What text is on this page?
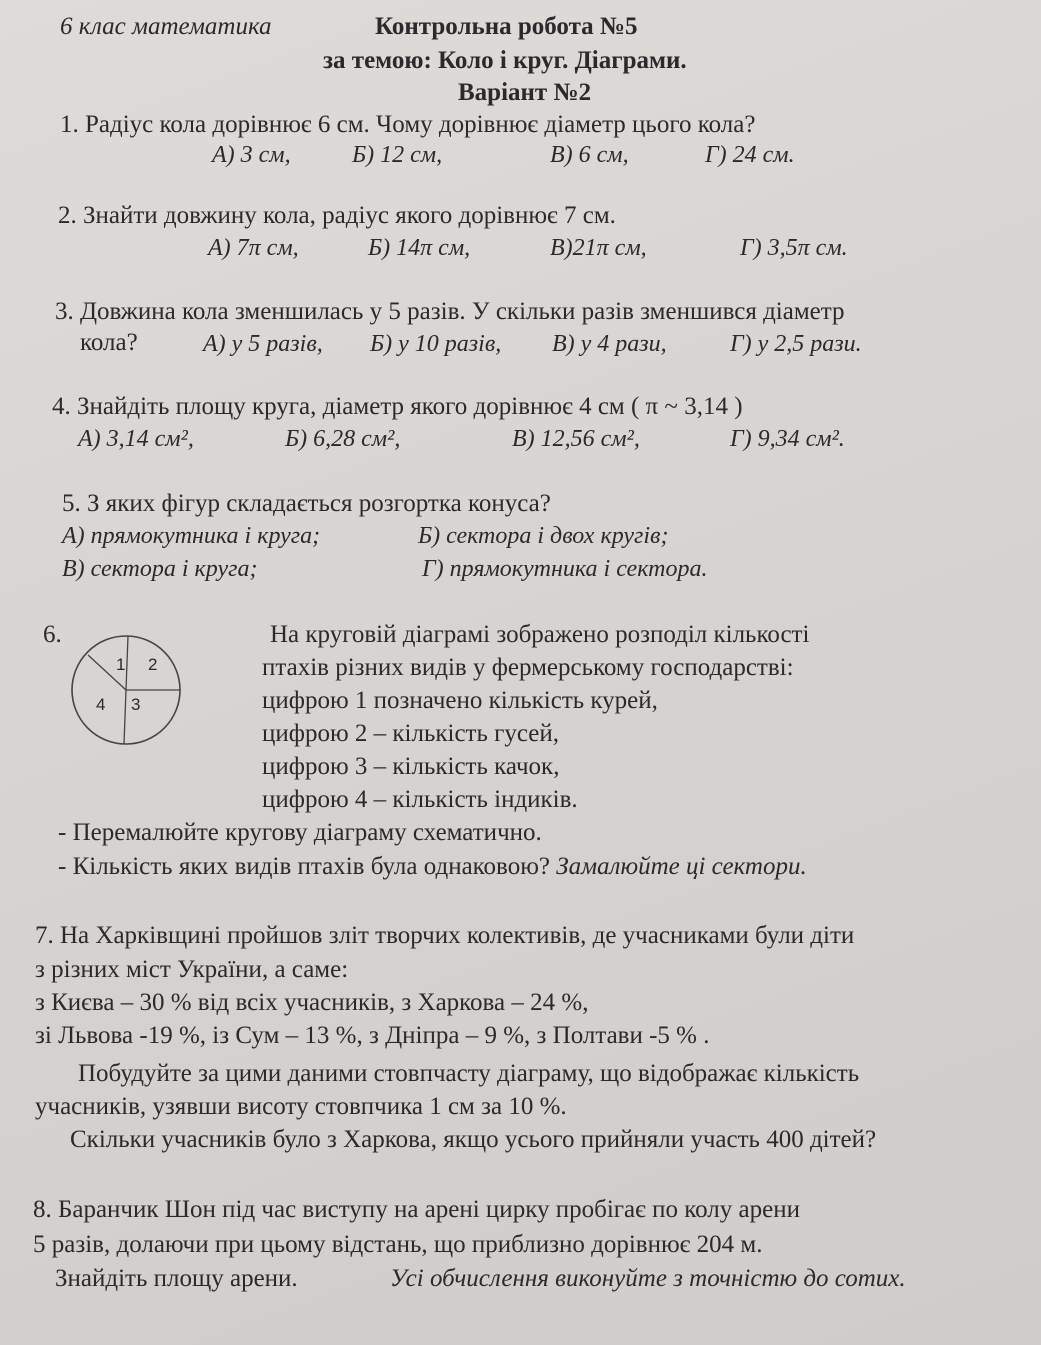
6 клас математика	Контрольна робота №5
за темою: Коло і круг. Діаграми.
Варіант №2
1. Радіус кола дорівнює 6 см. Чому дорівнює діаметр цього кола?
А) 3 см,	Б) 12 см,	В) 6 см,	Г) 24 см.
2. Знайти довжину кола, радіус якого дорівнює 7 см.
А) 7π см,	Б) 14π см,	В)21π см,	Г) 3,5π см.
3. Довжина кола зменшилась у 5 разів. У скільки разів зменшився діаметр
кола?	А) у 5 разів, Б) у 10 разів, В) у 4 рази,	Г) у 2,5 рази.
4. Знайдіть площу круга, діаметр якого дорівнює 4 см ( π ~ 3,14 )
А) 3,14 см²,	Б) 6,28 см²,	В) 12,56 см²,	Г) 9,34 см².
5. З яких фігур складається розгортка конуса?
А) прямокутника і круга;	Б) сектора і двох кругів;
В) сектора і круга;	Г) прямокутника і сектора.
6.
1 2
3
4
На круговій діаграмі зображено розподіл кількості
птахів різних видів у фермерському господарстві:
цифрою 1 позначено кількість курей,
цифрою 2 – кількість гусей,
цифрою 3 – кількість качок,
цифрою 4 – кількість індиків.
- Перемалюйте кругову діаграму схематично.
- Кількість яких видів птахів була однаковою? Замалюйте ці сектори.
7. На Харківщині пройшов зліт творчих колективів, де учасниками були діти
з різних міст України, а саме:
з Києва – 30 % від всіх учасників, з Харкова – 24 %,
зі Львова -19 %, із Сум – 13 %, з Дніпра – 9 %, з Полтави -5 % .
Побудуйте за цими даними стовпчасту діаграму, що відображає кількість
учасників, узявши висоту стовпчика 1 см за 10 %.
Скільки учасників було з Харкова, якщо усього прийняли участь 400 дітей?
8. Баранчик Шон під час виступу на арені цирку пробігає по колу арени
5 разів, долаючи при цьому відстань, що приблизно дорівнює 204 м.
Знайдіть площу арени.	Усі обчислення виконуйте з точністю до сотих.
